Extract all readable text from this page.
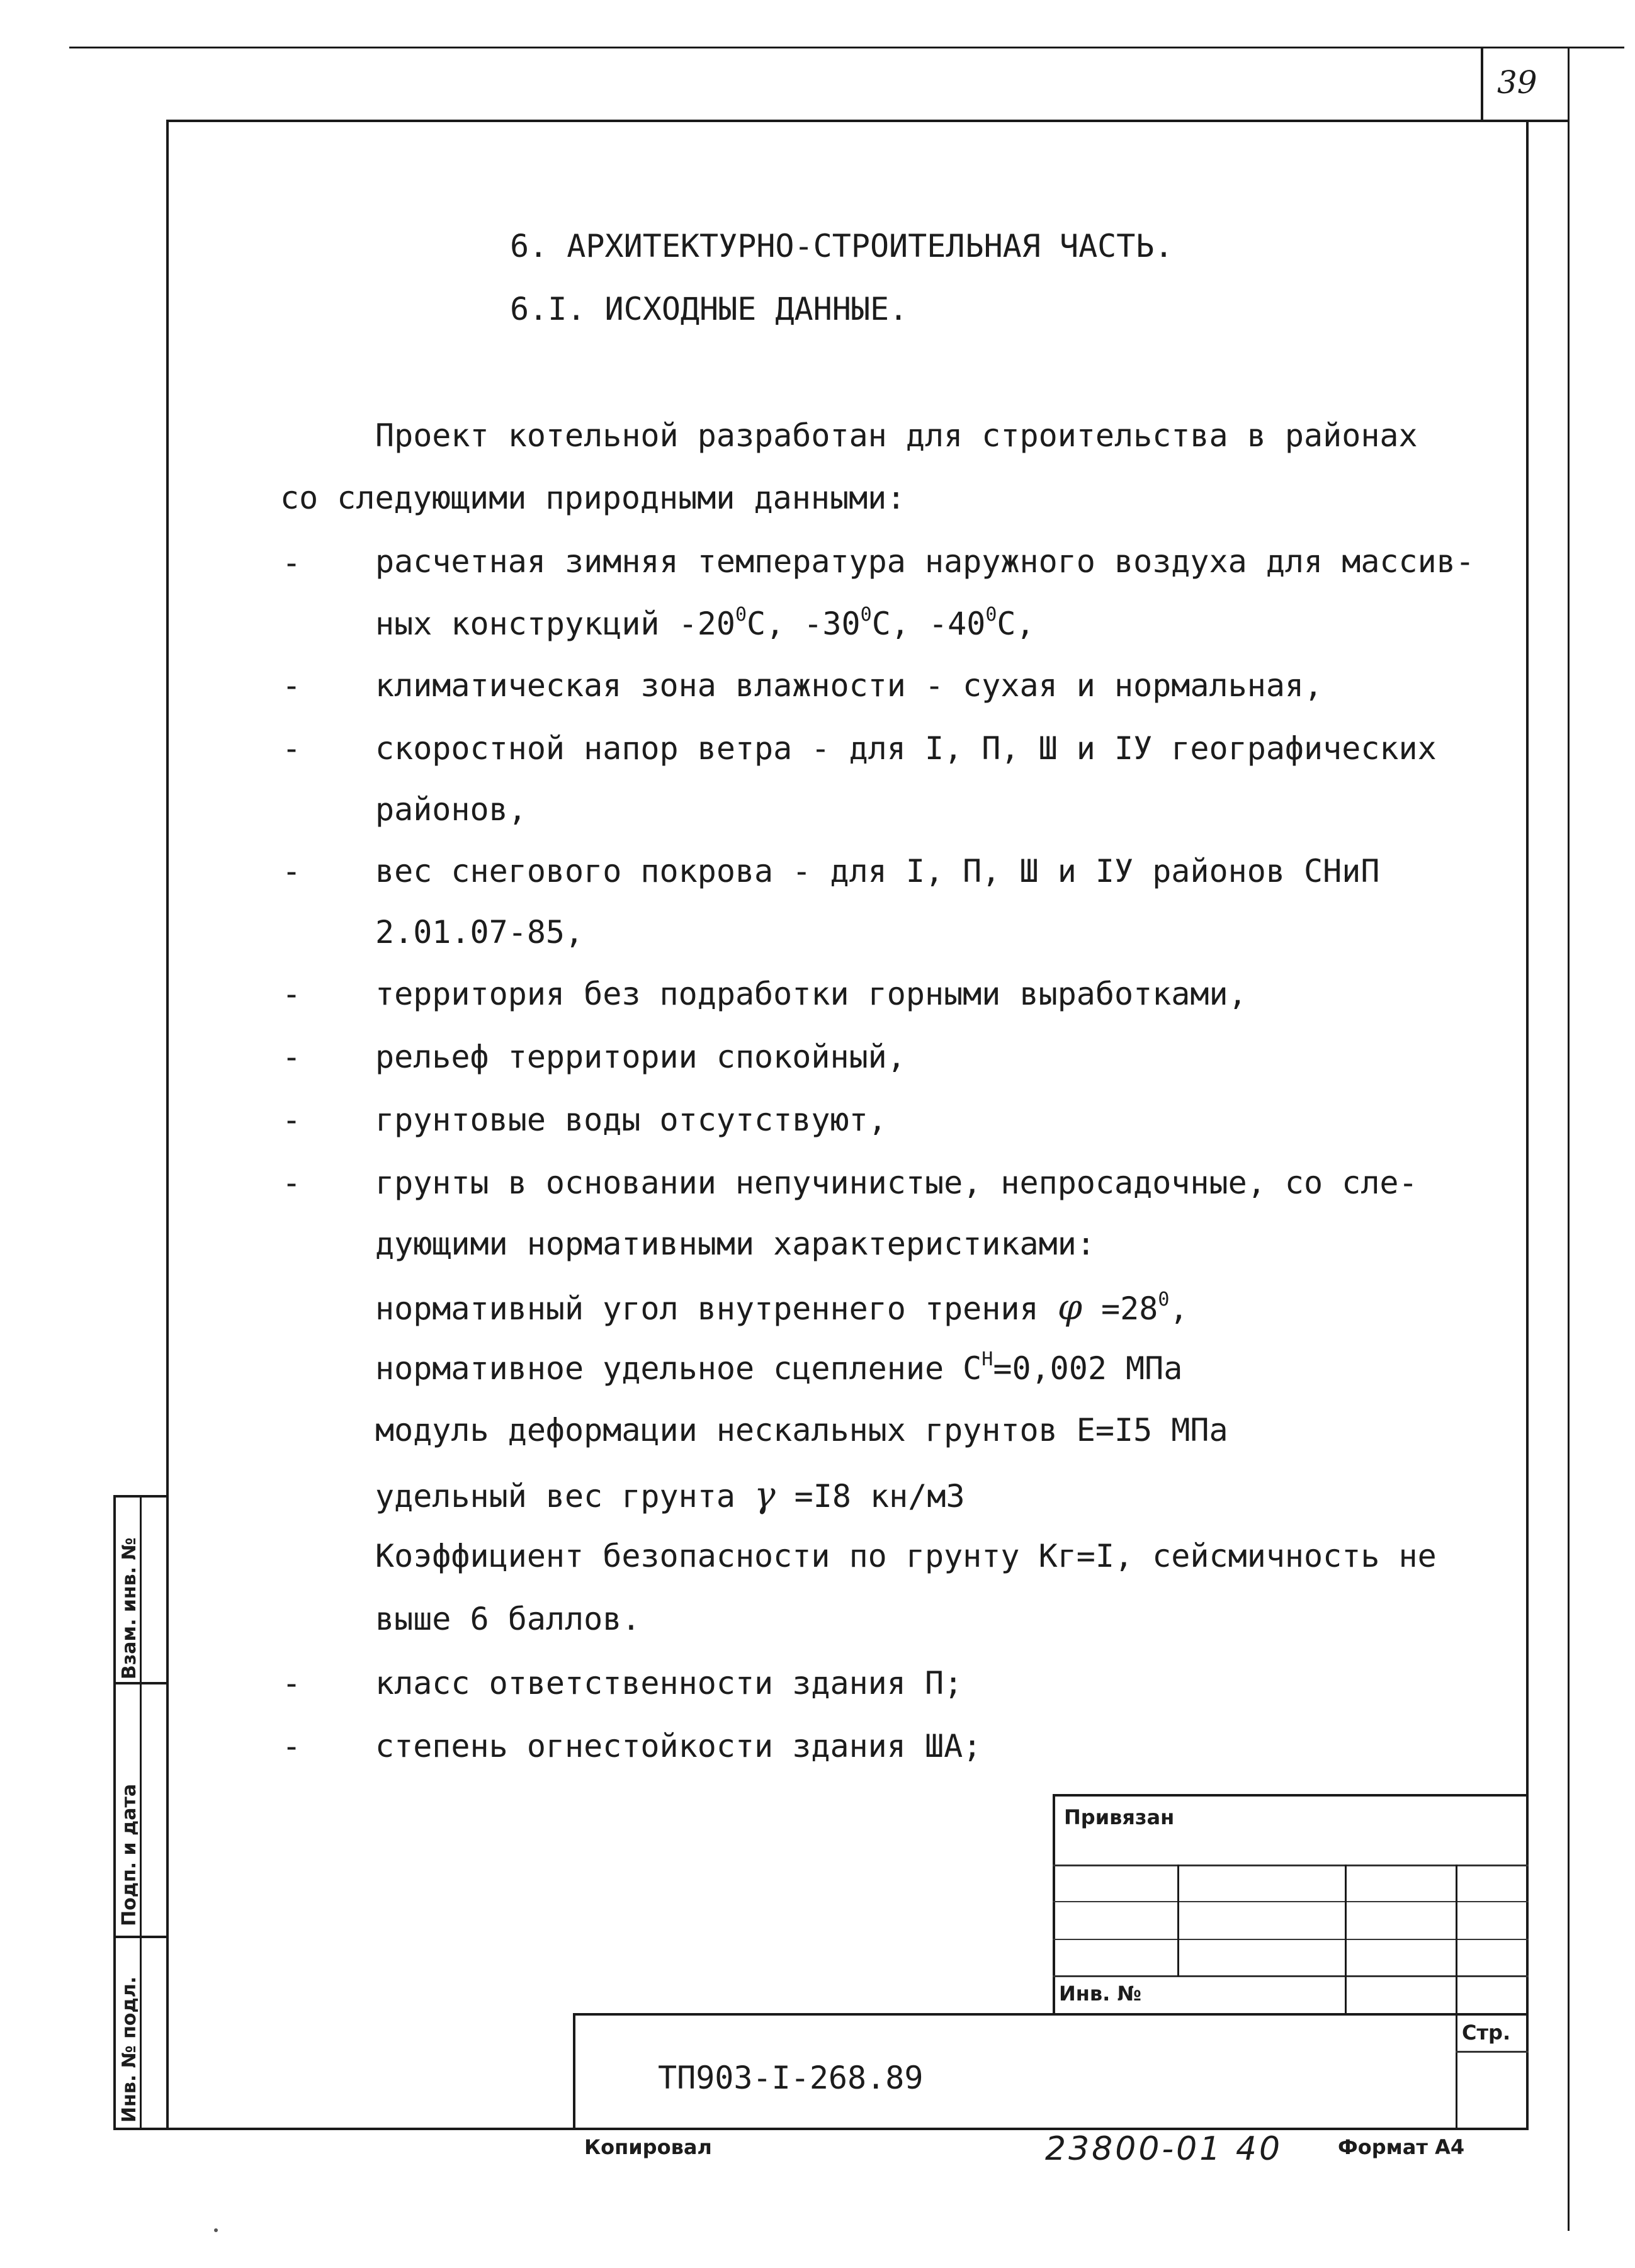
39
Взам. инв. №
Подп. и дата
Инв. № подл.
6. АРХИТЕКТУРНО-СТРОИТЕЛЬНАЯ ЧАСТЬ.
6.I. ИСХОДНЫЕ ДАННЫЕ.
Проект котельной разработан для строительства в районах
со следующими природными данными:
-
-
-
-
-
-
-
-
-
-
расчетная зимняя температура наружного воздуха для массив-
ных конструкций $-20^0С$, $-30^0С$, $-40^0С$,
климатическая зона влажности - сухая и нормальная,
скоростной напор ветра - для I, П, Ш и IУ географических
районов,
вес снегового покрова - для I, П, Ш и IУ районов СНиП
2.01.07-85,
территория без подработки горными выработками,
рельеф территории спокойный,
грунтовые воды отсутствуют,
грунты в основании непучинистые, непросадочные, со сле-
дующими нормативными характеристиками:
нормативный угол внутреннего трения $\varphi =28^0$,
нормативное удельное сцепление $С^Н=0,002$ МПа
модуль деформации нескальных грунтов Е=I5 МПа
удельный вес грунта γ =I8 кн/м3
Коэффициент безопасности по грунту Кг=I, сейсмичность не
выше 6 баллов.
класс ответственности здания П;
степень огнестойкости здания ША;
Привязан
Инв. №
Стр.
ТП903-I-268.89
Копировал	23800-01 40	Формат А4
